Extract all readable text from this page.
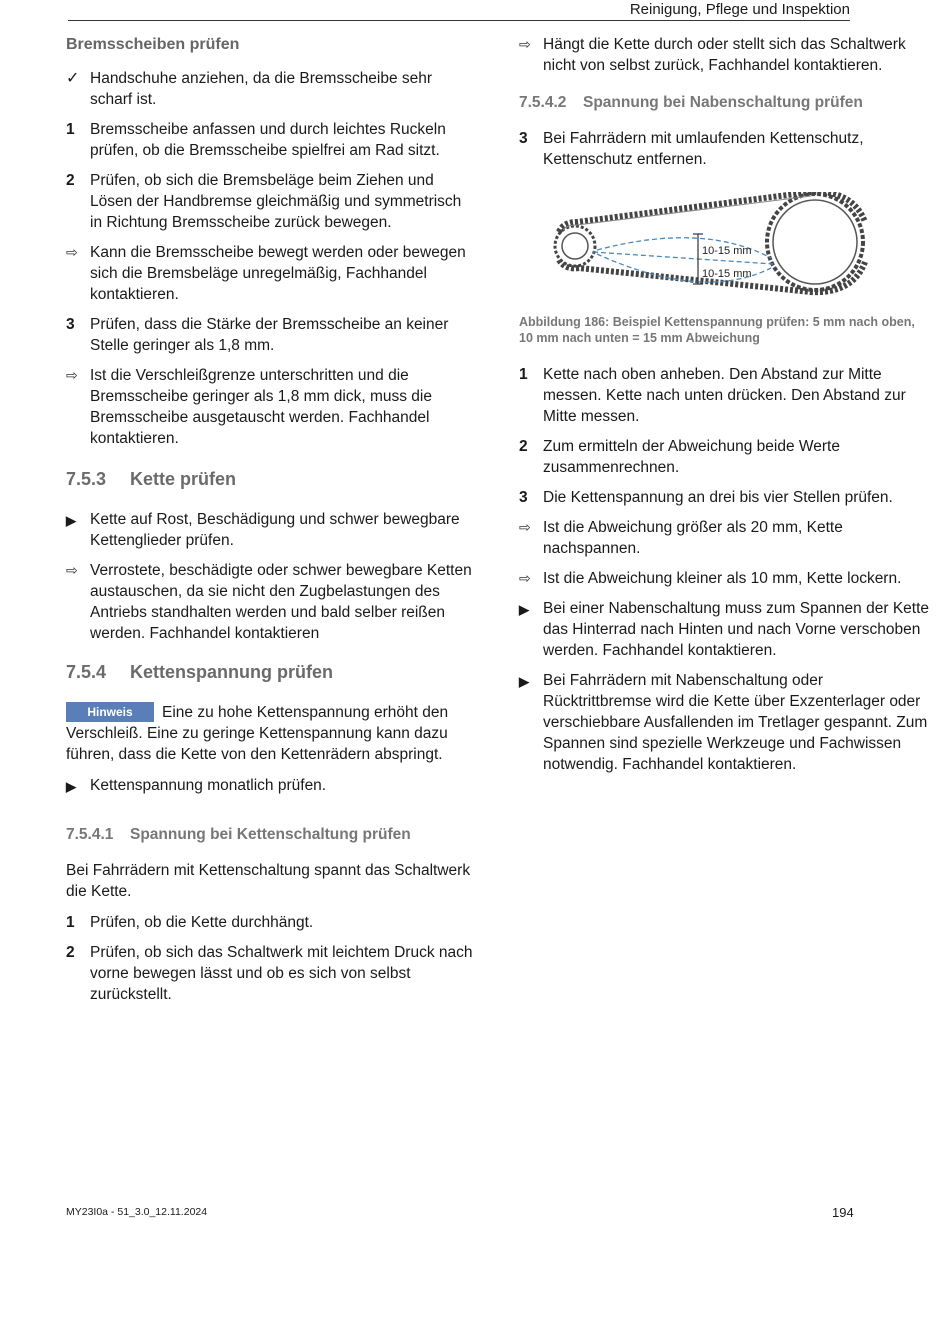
Reinigung, Pflege und Inspektion
Bremsscheiben prüfen
✓ Handschuhe anziehen, da die Bremsscheibe sehr scharf ist.
1 Bremsscheibe anfassen und durch leichtes Ruckeln prüfen, ob die Bremsscheibe spielfrei am Rad sitzt.
2 Prüfen, ob sich die Bremsbeläge beim Ziehen und Lösen der Handbremse gleichmäßig und symmetrisch in Richtung Bremsscheibe zurück bewegen.
⇨ Kann die Bremsscheibe bewegt werden oder bewegen sich die Bremsbeläge unregelmäßig, Fachhandel kontaktieren.
3 Prüfen, dass die Stärke der Bremsscheibe an keiner Stelle geringer als 1,8 mm.
⇨ Ist die Verschleißgrenze unterschritten und die Bremsscheibe geringer als 1,8 mm dick, muss die Bremsscheibe ausgetauscht werden. Fachhandel kontaktieren.
7.5.3 Kette prüfen
▶ Kette auf Rost, Beschädigung und schwer bewegbare Kettenglieder prüfen.
⇨ Verrostete, beschädigte oder schwer bewegbare Ketten austauschen, da sie nicht den Zugbelastungen des Antriebs standhalten werden und bald selber reißen werden. Fachhandel kontaktieren
7.5.4 Kettenspannung prüfen
Hinweis Eine zu hohe Kettenspannung erhöht den Verschleiß. Eine zu geringe Kettenspannung kann dazu führen, dass die Kette von den Kettenrädern abspringt.
▶ Kettenspannung monatlich prüfen.
7.5.4.1 Spannung bei Kettenschaltung prüfen
Bei Fahrrädern mit Kettenschaltung spannt das Schaltwerk die Kette.
1 Prüfen, ob die Kette durchhängt.
2 Prüfen, ob sich das Schaltwerk mit leichtem Druck nach vorne bewegen lässt und ob es sich von selbst zurückstellt.
⇨ Hängt die Kette durch oder stellt sich das Schaltwerk nicht von selbst zurück, Fachhandel kontaktieren.
7.5.4.2 Spannung bei Nabenschaltung prüfen
3 Bei Fahrrädern mit umlaufenden Kettenschutz, Kettenschutz entfernen.
10-15 mm
10-15 mm
Abbildung 186: Beispiel Kettenspannung prüfen: 5 mm nach oben, 10 mm nach unten = 15 mm Abweichung
1 Kette nach oben anheben. Den Abstand zur Mitte messen. Kette nach unten drücken. Den Abstand zur Mitte messen.
2 Zum ermitteln der Abweichung beide Werte zusammenrechnen.
3 Die Kettenspannung an drei bis vier Stellen prüfen.
⇨ Ist die Abweichung größer als 20 mm, Kette nachspannen.
⇨ Ist die Abweichung kleiner als 10 mm, Kette lockern.
▶ Bei einer Nabenschaltung muss zum Spannen der Kette das Hinterrad nach Hinten und nach Vorne verschoben werden. Fachhandel kontaktieren.
▶ Bei Fahrrädern mit Nabenschaltung oder Rücktrittbremse wird die Kette über Exzenterlager oder verschiebbare Ausfallenden im Tretlager gespannt. Zum Spannen sind spezielle Werkzeuge und Fachwissen notwendig. Fachhandel kontaktieren.
MY23I0a - 51_3.0_12.11.2024	194
